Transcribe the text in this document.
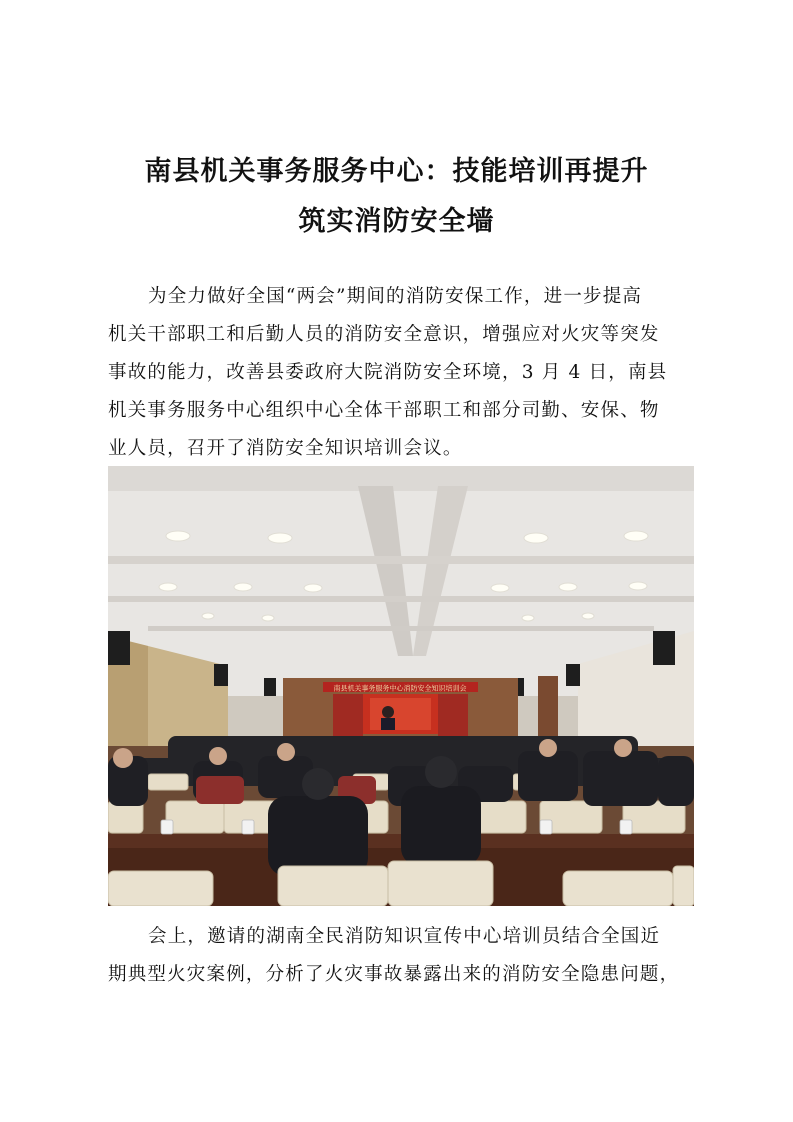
南县机关事务服务中心：技能培训再提升
筑实消防安全墙
为全力做好全国“两会”期间的消防安保工作，进一步提高
机关干部职工和后勤人员的消防安全意识，增强应对火灾等突发
事故的能力，改善县委政府大院消防安全环境，3 月 4 日，南县
机关事务服务中心组织中心全体干部职工和部分司勤、安保、物
业人员，召开了消防安全知识培训会议。
南县机关事务服务中心消防安全知识培训会
会上，邀请的湖南全民消防知识宣传中心培训员结合全国近
期典型火灾案例，分析了火灾事故暴露出来的消防安全隐患问题，
